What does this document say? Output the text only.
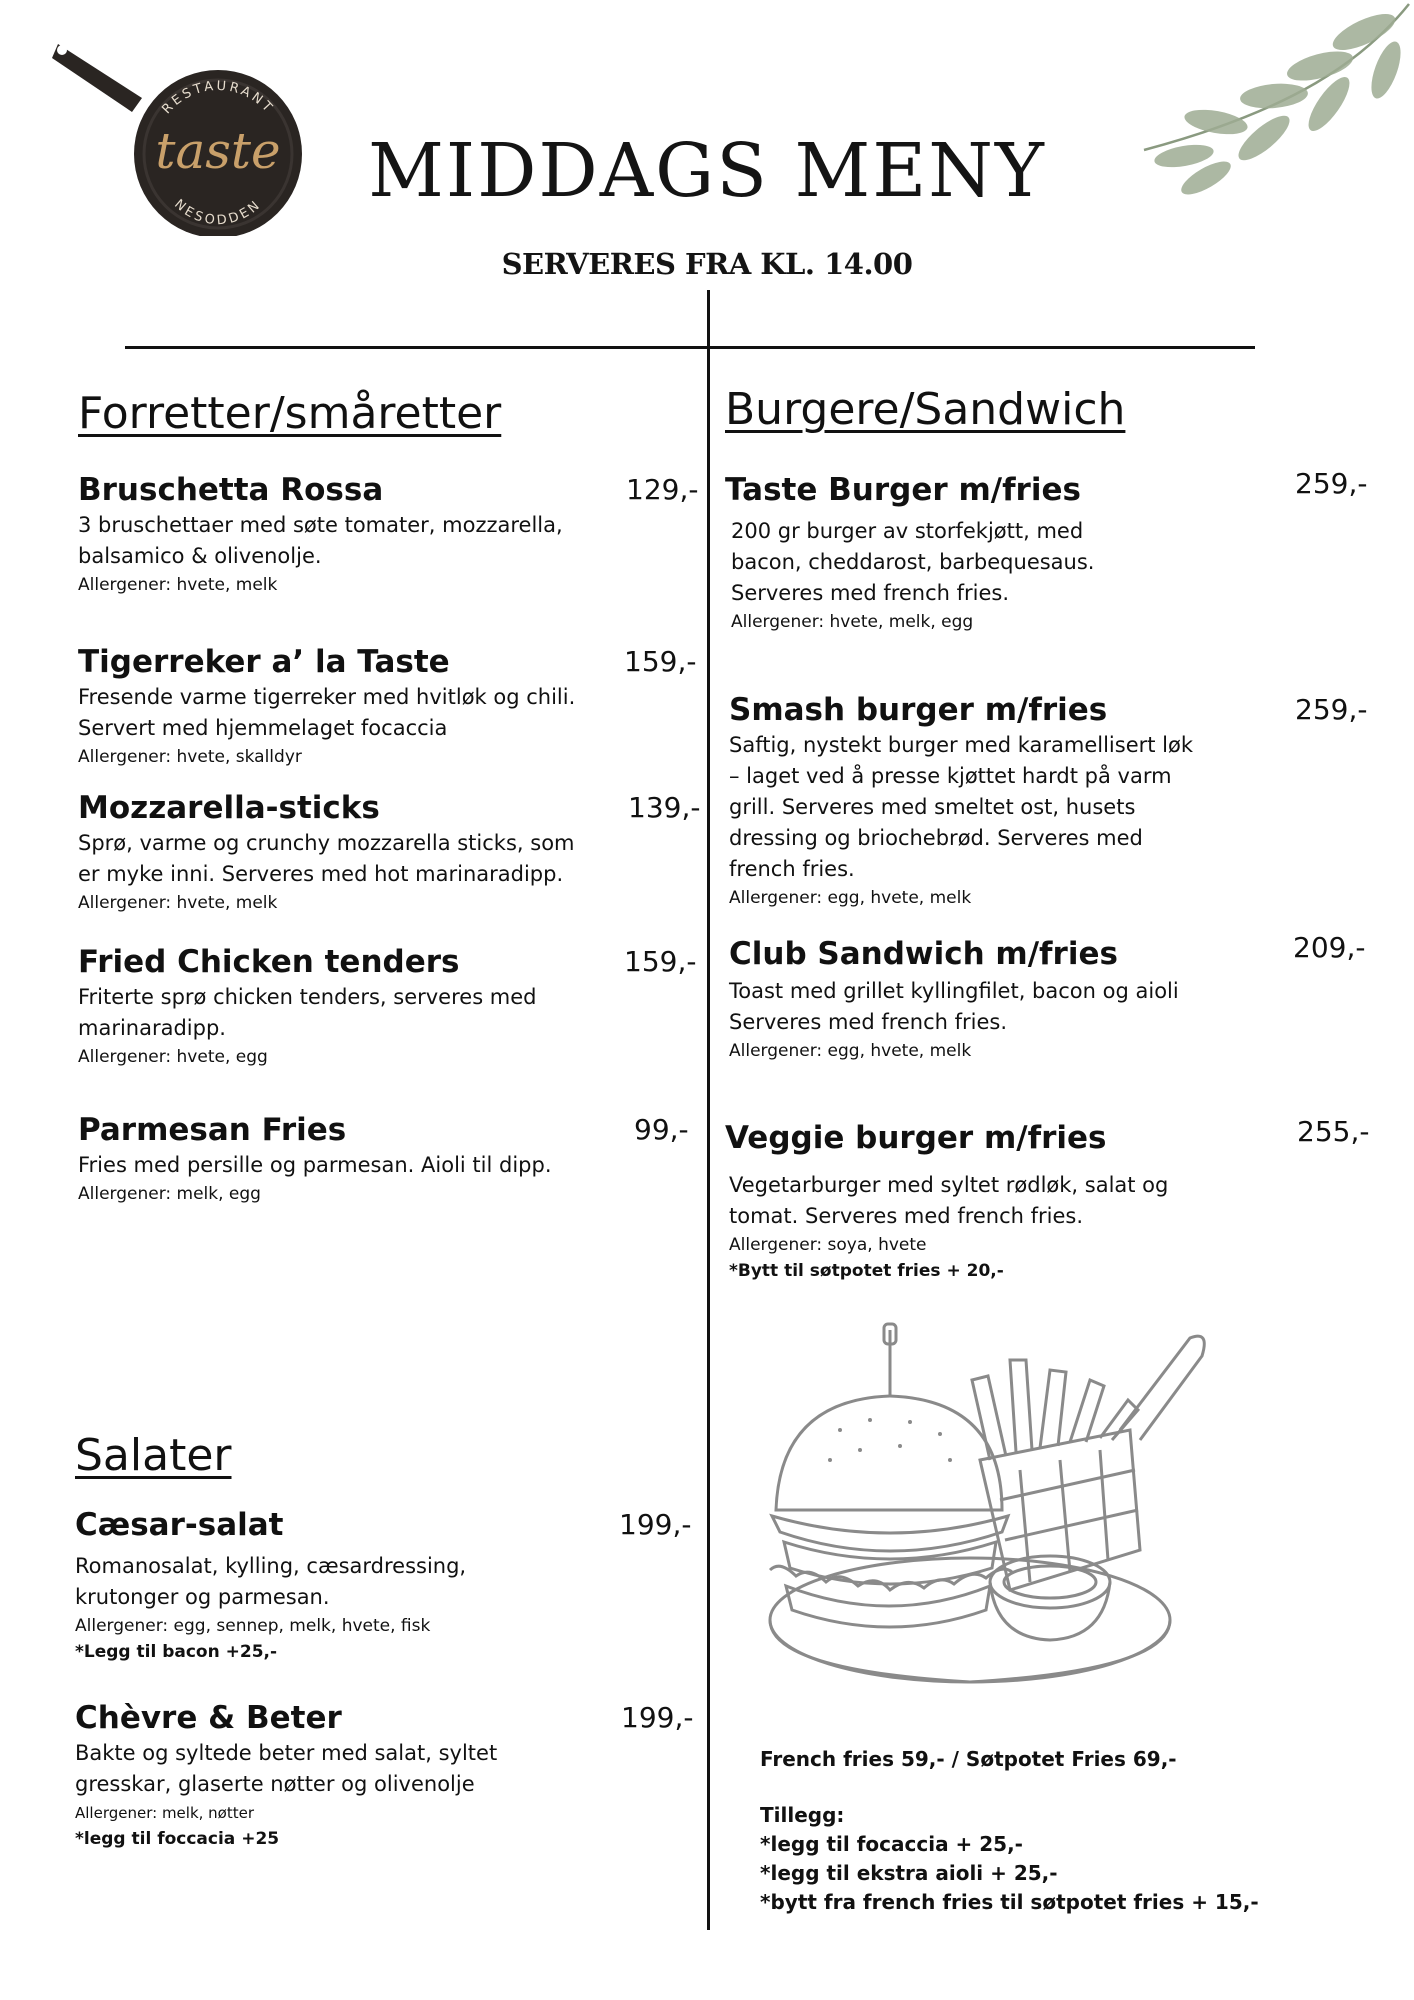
RESTAURANT
NESODDEN
taste	MIDDAGS MENY
SERVERES FRA KL. 14.00
Forretter/småretter

Bruschetta Rossa	129,-

3 bruschettaer med søte tomater, mozzarella,

balsamico & olivenolje.

Allergener: hvete, melk

Tigerreker a’ la Taste	159,-

Fresende varme tigerreker med hvitløk og chili.

Servert med hjemmelaget focaccia

Allergener: hvete, skalldyr

Mozzarella-sticks	139,-

Sprø, varme og crunchy mozzarella sticks, som

er myke inni. Serveres med hot marinaradipp.

Allergener: hvete, melk

Fried Chicken tenders	159,-

Friterte sprø chicken tenders, serveres med

marinaradipp.

Allergener: hvete, egg

Parmesan Fries	99,-

Fries med persille og parmesan. Aioli til dipp.

Allergener: melk, egg

Salater

Cæsar-salat	199,-

Romanosalat, kylling, cæsardressing,

krutonger og parmesan.

Allergener: egg, sennep, melk, hvete, fisk

*Legg til bacon +25,-

Chèvre & Beter	199,-

Bakte og syltede beter med salat, syltet

gresskar, glaserte nøtter og olivenolje

Allergener: melk, nøtter

*legg til foccacia +25

Burgere/Sandwich

Taste Burger m/fries	259,-

200 gr burger av storfekjøtt, med

bacon, cheddarost, barbequesaus.

Serveres med french fries.

Allergener: hvete, melk, egg

Smash burger m/fries	259,-

Saftig, nystekt burger med karamellisert løk

– laget ved å presse kjøttet hardt på varm

grill. Serveres med smeltet ost, husets

dressing og briochebrød. Serveres med

french fries.

Allergener: egg, hvete, melk

Club Sandwich m/fries	209,-

Toast med grillet kyllingfilet, bacon og aioli

Serveres med french fries.

Allergener: egg, hvete, melk

Veggie burger m/fries	255,-

Vegetarburger med syltet rødløk, salat og

tomat. Serveres med french fries.

Allergener: soya, hvete

*Bytt til søtpotet fries + 20,-

French fries 59,- / Søtpotet Fries 69,-

Tillegg:

*legg til focaccia + 25,-

*legg til ekstra aioli + 25,-

*bytt fra french fries til søtpotet fries + 15,-
